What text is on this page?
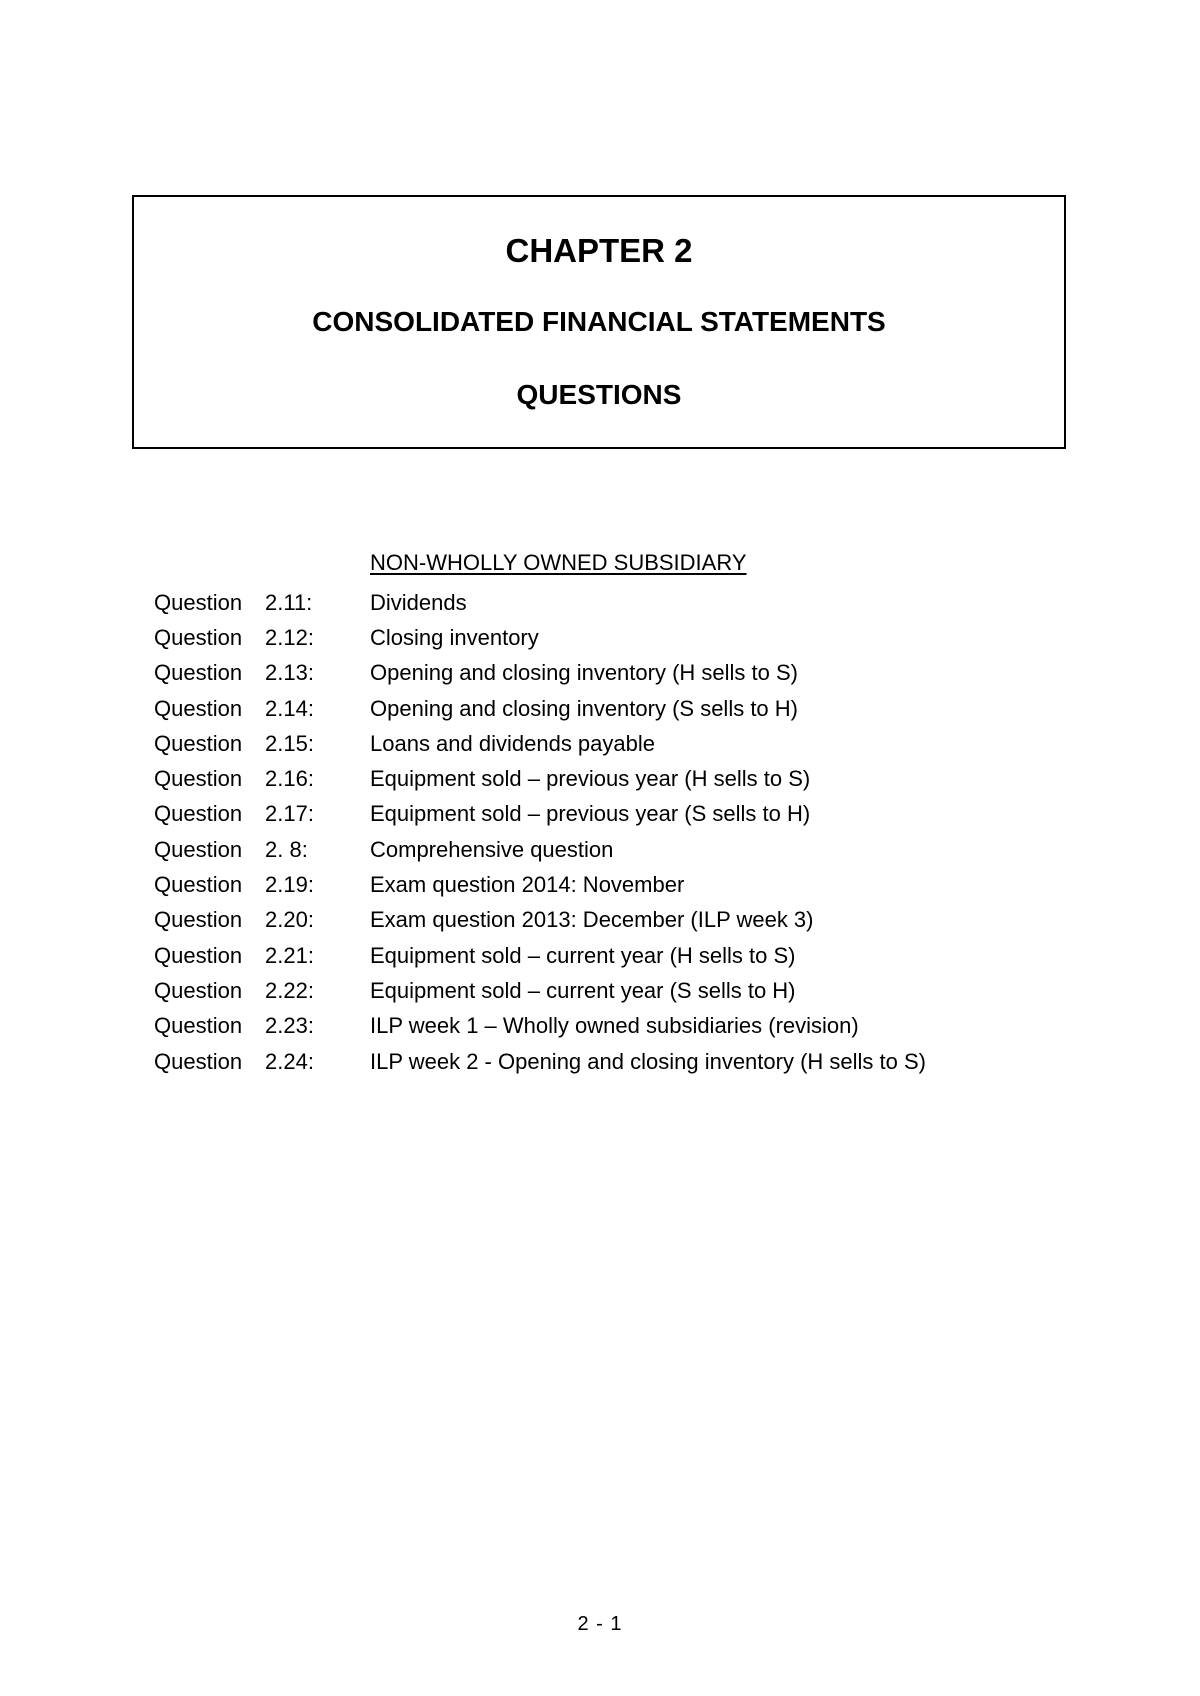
CHAPTER 2
CONSOLIDATED FINANCIAL STATEMENTS
QUESTIONS
NON-WHOLLY OWNED SUBSIDIARY
Question 2.11:	Dividends
Question 2.12:	Closing inventory
Question 2.13:	Opening and closing inventory (H sells to S)
Question 2.14:	Opening and closing inventory (S sells to H)
Question 2.15:	Loans and dividends payable
Question 2.16:	Equipment sold – previous year (H sells to S)
Question 2.17:	Equipment sold – previous year (S sells to H)
Question 2. 8:	Comprehensive question
Question 2.19:	Exam question 2014: November
Question 2.20:	Exam question 2013: December (ILP week 3)
Question 2.21:	Equipment sold – current year (H sells to S)
Question 2.22:	Equipment sold – current year (S sells to H)
Question 2.23:	ILP week 1 – Wholly owned subsidiaries (revision)
Question 2.24:	ILP week 2 - Opening and closing inventory (H sells to S)
2 - 1
